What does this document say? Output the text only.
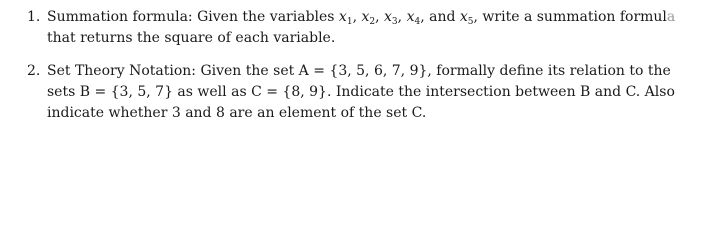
1. Summation formula: Given the variables $x_1$, $x_2$, $x_3$, $x_4$, and $x_5$, write a summation formula
that returns the square of each variable.
2. Set Theory Notation: Given the set A = {3, 5, 6, 7, 9}, formally define its relation to the
sets B = {3, 5, 7} as well as C = {8, 9}. Indicate the intersection between B and C. Also
indicate whether 3 and 8 are an element of the set C.
